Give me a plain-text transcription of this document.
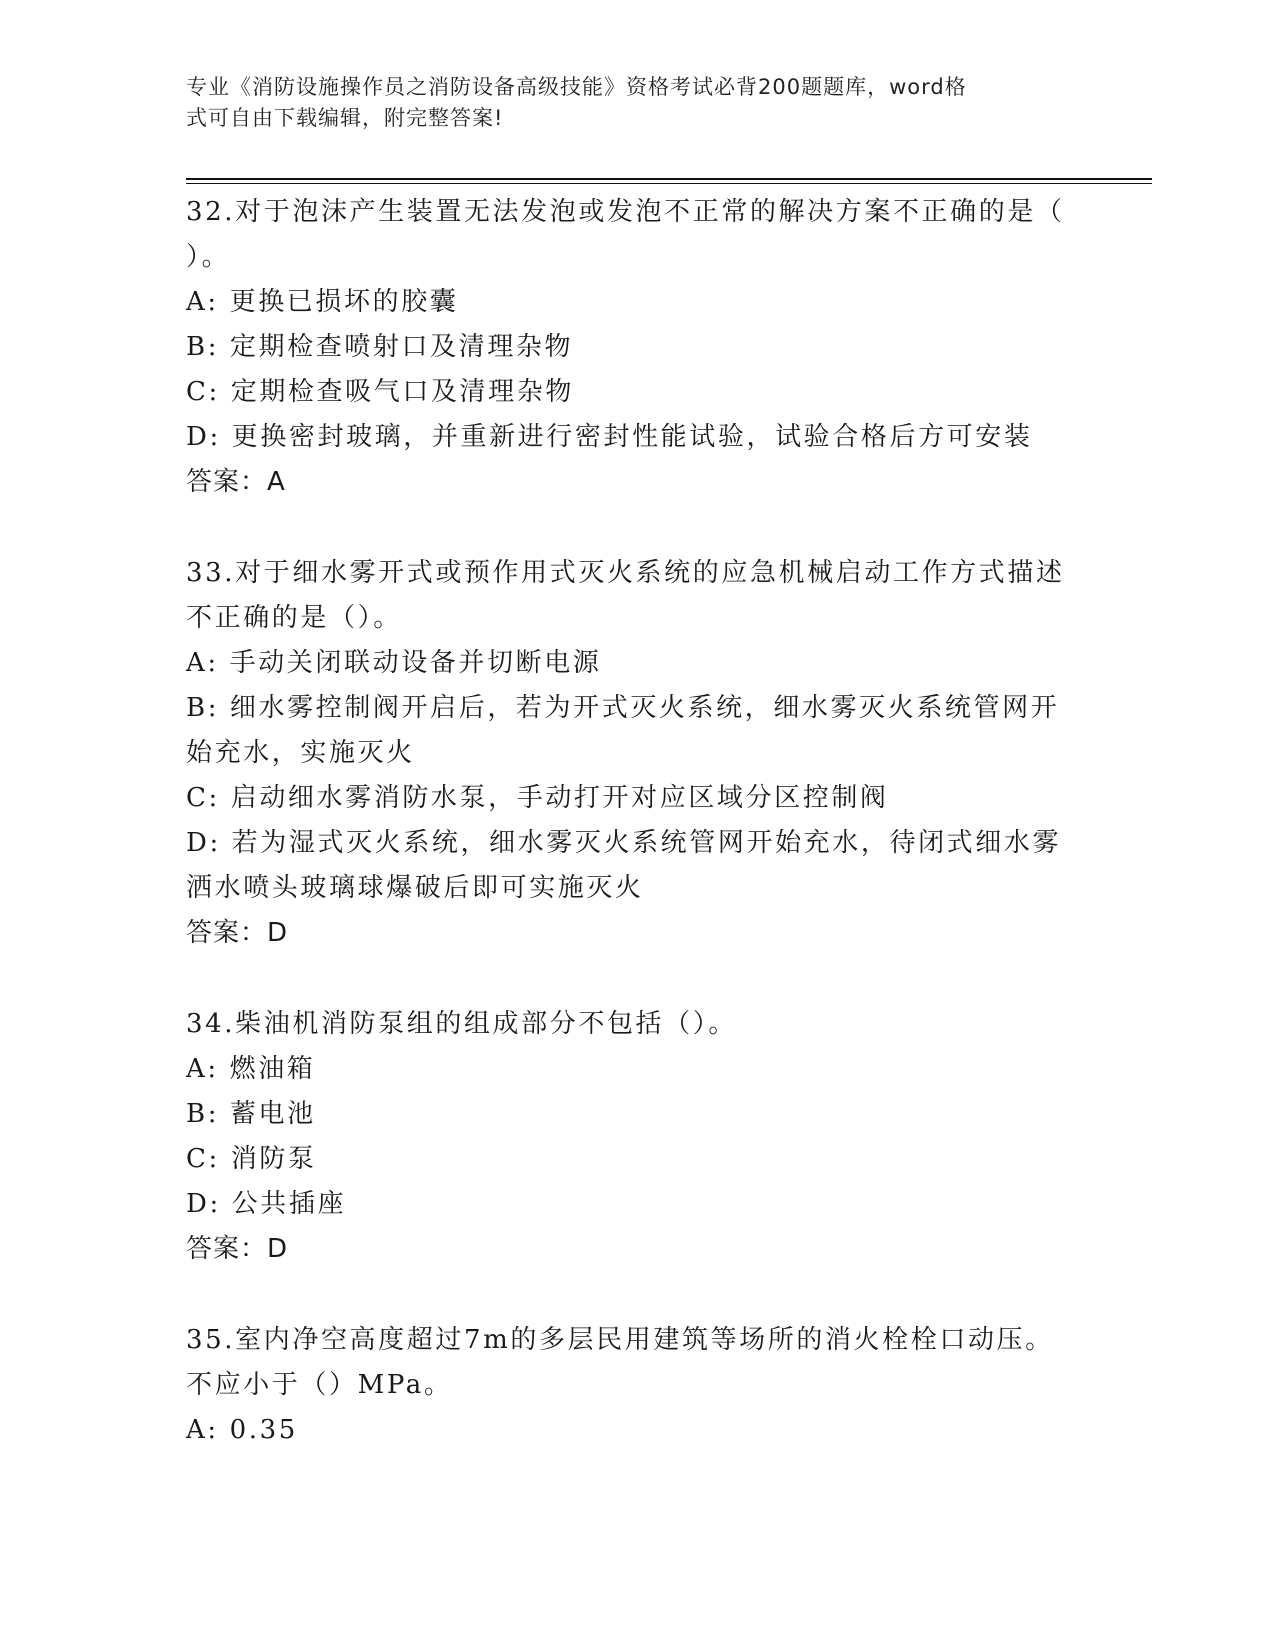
专业《消防设施操作员之消防设备高级技能》资格考试必背200题题库，word格
式可自由下载编辑，附完整答案!
32.对于泡沫产生装置无法发泡或发泡不正常的解决方案不正确的是（
）。
A: 更换已损坏的胶囊
B: 定期检查喷射口及清理杂物
C: 定期检查吸气口及清理杂物
D: 更换密封玻璃，并重新进行密封性能试验，试验合格后方可安装
答案：A
33.对于细水雾开式或预作用式灭火系统的应急机械启动工作方式描述
不正确的是（）。
A: 手动关闭联动设备并切断电源
B: 细水雾控制阀开启后，若为开式灭火系统，细水雾灭火系统管网开
始充水，实施灭火
C: 启动细水雾消防水泵，手动打开对应区域分区控制阀
D: 若为湿式灭火系统，细水雾灭火系统管网开始充水，待闭式细水雾
洒水喷头玻璃球爆破后即可实施灭火
答案：D
34.柴油机消防泵组的组成部分不包括（）。
A: 燃油箱
B: 蓄电池
C: 消防泵
D: 公共插座
答案：D
35.室内净空高度超过7m的多层民用建筑等场所的消火栓栓口动压。
不应小于（）MPa。
A: 0.35
